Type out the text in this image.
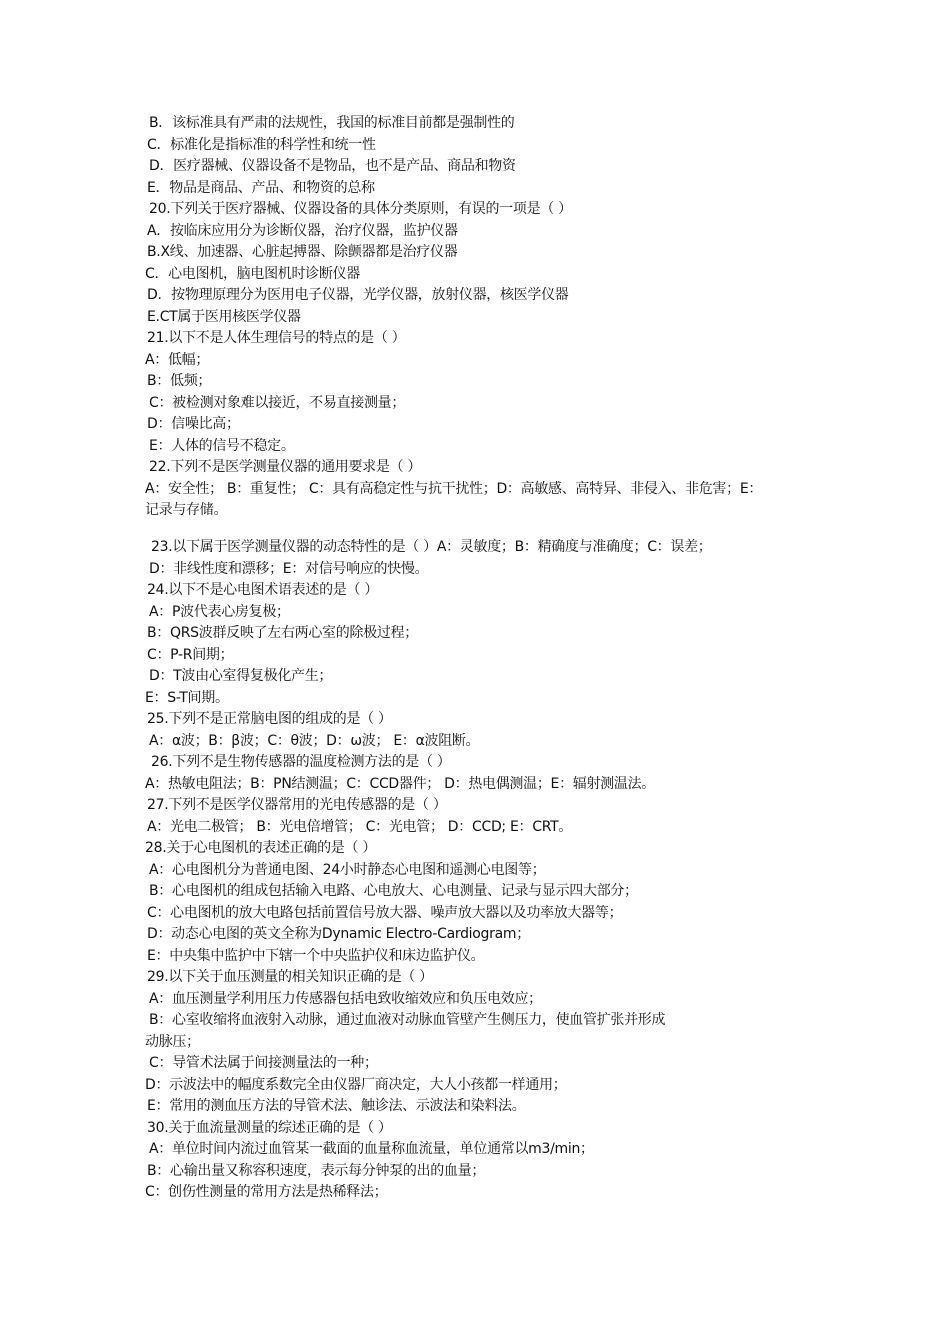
B．该标准具有严肃的法规性，我国的标准目前都是强制性的
C．标准化是指标准的科学性和统一性
D．医疗器械、仪器设备不是物品，也不是产品、商品和物资
E．物品是商品、产品、和物资的总称
20.下列关于医疗器械、仪器设备的具体分类原则，有误的一项是（ ）
A．按临床应用分为诊断仪器，治疗仪器，监护仪器
B.X线、加速器、心脏起搏器、除颤器都是治疗仪器
C．心电图机，脑电图机时诊断仪器
D．按物理原理分为医用电子仪器，光学仪器，放射仪器，核医学仪器
E.CT属于医用核医学仪器
21.以下不是人体生理信号的特点的是（ ）
A：低幅；
B：低频；
C：被检测对象难以接近，不易直接测量；
D：信噪比高；
E：人体的信号不稳定。
22.下列不是医学测量仪器的通用要求是（ ）
A：安全性； B：重复性； C：具有高稳定性与抗干扰性；D：高敏感、高特异、非侵入、非危害；E：
记录与存储。
23.以下属于医学测量仪器的动态特性的是（ ）A：灵敏度；B：精确度与准确度；C：误差；
D：非线性度和漂移；E：对信号响应的快慢。
24.以下不是心电图术语表述的是（ ）
A：P波代表心房复极；
B：QRS波群反映了左右两心室的除极过程；
C：P-R间期；
D：T波由心室得复极化产生；
E：S-T间期。
25.下列不是正常脑电图的组成的是（ ）
A：α波；B：β波；C：θ波；D：ω波； E：α波阻断。
26.下列不是生物传感器的温度检测方法的是（ ）
A：热敏电阻法；B：PN结测温；C：CCD器件； D：热电偶测温；E：辐射测温法。
27.下列不是医学仪器常用的光电传感器的是（ ）
A：光电二极管； B：光电倍增管； C：光电管； D：CCD; E：CRT。
28.关于心电图机的表述正确的是（ ）
A：心电图机分为普通电图、24小时静态心电图和遥测心电图等；
B：心电图机的组成包括输入电路、心电放大、心电测量、记录与显示四大部分；
C：心电图机的放大电路包括前置信号放大器、噪声放大器以及功率放大器等；
D：动态心电图的英文全称为Dynamic Electro-Cardiogram；
E：中央集中监护中下辖一个中央监护仪和床边监护仪。
29.以下关于血压测量的相关知识正确的是（ ）
A：血压测量学利用压力传感器包括电致收缩效应和负压电效应；
B：心室收缩将血液射入动脉，通过血液对动脉血管壁产生侧压力，使血管扩张并形成
动脉压；
C：导管术法属于间接测量法的一种；
D：示波法中的幅度系数完全由仪器厂商决定，大人小孩都一样通用；
E：常用的测血压方法的导管术法、触诊法、示波法和染料法。
30.关于血流量测量的综述正确的是（ ）
A：单位时间内流过血管某一截面的血量称血流量，单位通常以m3/min；
B：心输出量又称容积速度，表示每分钟泵的出的血量；
C：创伤性测量的常用方法是热稀释法；
